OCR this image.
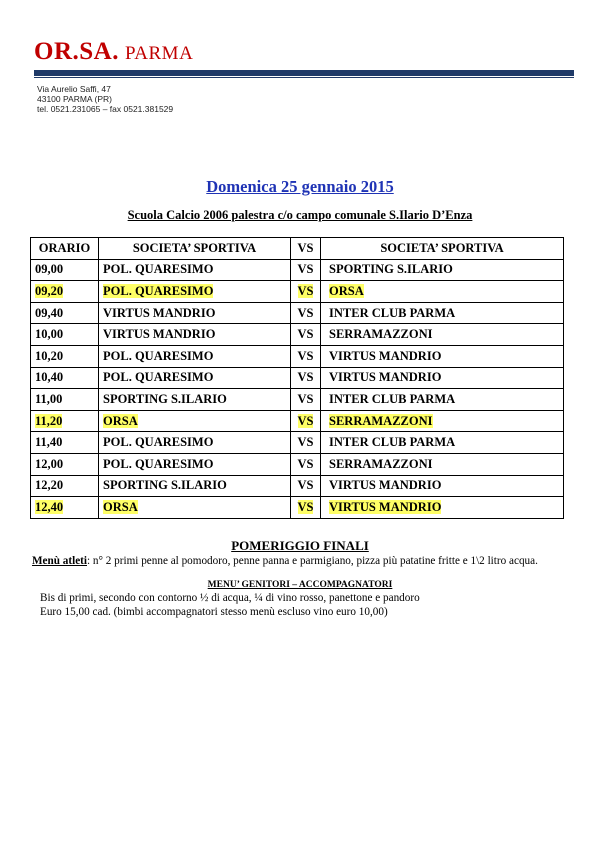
OR.SA. PARMA
Via Aurelio Saffi, 47
43100 PARMA (PR)
tel. 0521.231065 – fax 0521.381529
Domenica 25 gennaio 2015
Scuola Calcio 2006 palestra c/o campo comunale S.Ilario D’Enza
ORARIO	SOCIETA’ SPORTIVA	VS	SOCIETA’ SPORTIVA
09,00	POL. QUARESIMO	VS	SPORTING S.ILARIO
09,20	POL. QUARESIMO	VS	ORSA
09,40	VIRTUS MANDRIO	VS	INTER CLUB PARMA
10,00	VIRTUS MANDRIO	VS	SERRAMAZZONI
10,20	POL. QUARESIMO	VS	VIRTUS MANDRIO
10,40	POL. QUARESIMO	VS	VIRTUS MANDRIO
11,00	SPORTING S.ILARIO	VS	INTER CLUB PARMA
11,20	ORSA	VS	SERRAMAZZONI
11,40	POL. QUARESIMO	VS	INTER CLUB PARMA
12,00	POL. QUARESIMO	VS	SERRAMAZZONI
12,20	SPORTING S.ILARIO	VS	VIRTUS MANDRIO
12,40	ORSA	VS	VIRTUS MANDRIO
POMERIGGIO FINALI
Menù atleti: n° 2 primi penne al pomodoro, penne panna e parmigiano, pizza più patatine fritte e 1\2 litro acqua.
MENU’ GENITORI – ACCOMPAGNATORI
Bis di primi, secondo con contorno ½ di acqua, ¼ di vino rosso, panettone e pandoro
Euro 15,00 cad. (bimbi accompagnatori stesso menù escluso vino euro 10,00)
